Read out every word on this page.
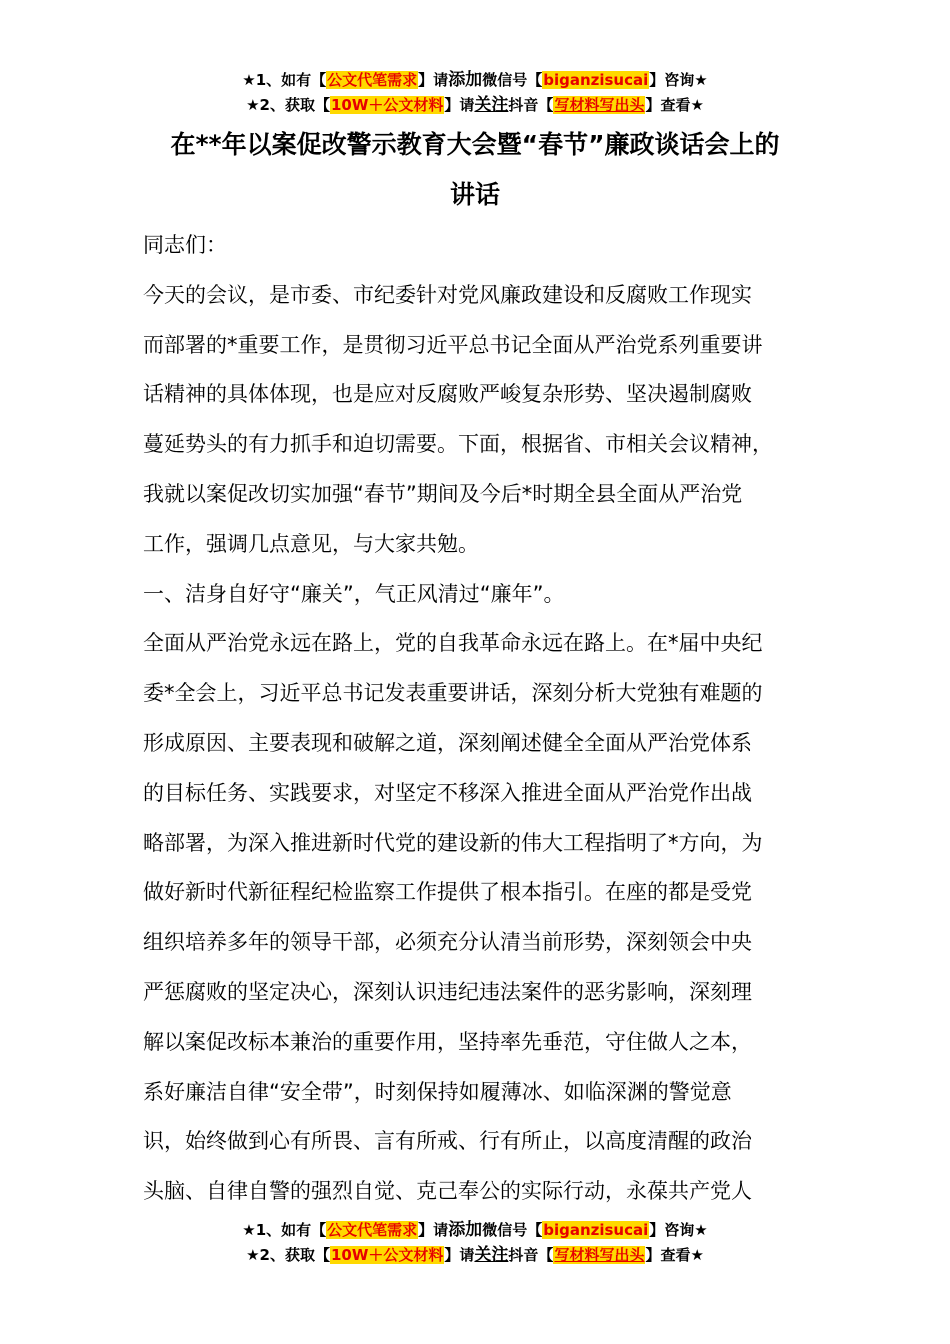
★1、如有【公文代笔需求】请添加微信号【biganzisucai】咨询★
★2、获取【10W＋公文材料】请关注抖音【写材料写出头】查看★
在**年以案促改警示教育大会暨“春节”廉政谈话会上的
讲话
同志们：
今天的会议，是市委、市纪委针对党风廉政建设和反腐败工作现实
而部署的*重要工作，是贯彻习近平总书记全面从严治党系列重要讲
话精神的具体体现，也是应对反腐败严峻复杂形势、坚决遏制腐败
蔓延势头的有力抓手和迫切需要。下面，根据省、市相关会议精神，
我就以案促改切实加强“春节”期间及今后*时期全县全面从严治党
工作，强调几点意见，与大家共勉。
一、洁身自好守“廉关”，气正风清过“廉年”。
全面从严治党永远在路上，党的自我革命永远在路上。在*届中央纪
委*全会上，习近平总书记发表重要讲话，深刻分析大党独有难题的
形成原因、主要表现和破解之道，深刻阐述健全全面从严治党体系
的目标任务、实践要求，对坚定不移深入推进全面从严治党作出战
略部署，为深入推进新时代党的建设新的伟大工程指明了*方向，为
做好新时代新征程纪检监察工作提供了根本指引。在座的都是受党
组织培养多年的领导干部，必须充分认清当前形势，深刻领会中央
严惩腐败的坚定决心，深刻认识违纪违法案件的恶劣影响，深刻理
解以案促改标本兼治的重要作用，坚持率先垂范，守住做人之本，
系好廉洁自律“安全带”，时刻保持如履薄冰、如临深渊的警觉意
识，始终做到心有所畏、言有所戒、行有所止，以高度清醒的政治
头脑、自律自警的强烈自觉、克己奉公的实际行动，永葆共产党人
★1、如有【公文代笔需求】请添加微信号【biganzisucai】咨询★
★2、获取【10W＋公文材料】请关注抖音【写材料写出头】查看★
